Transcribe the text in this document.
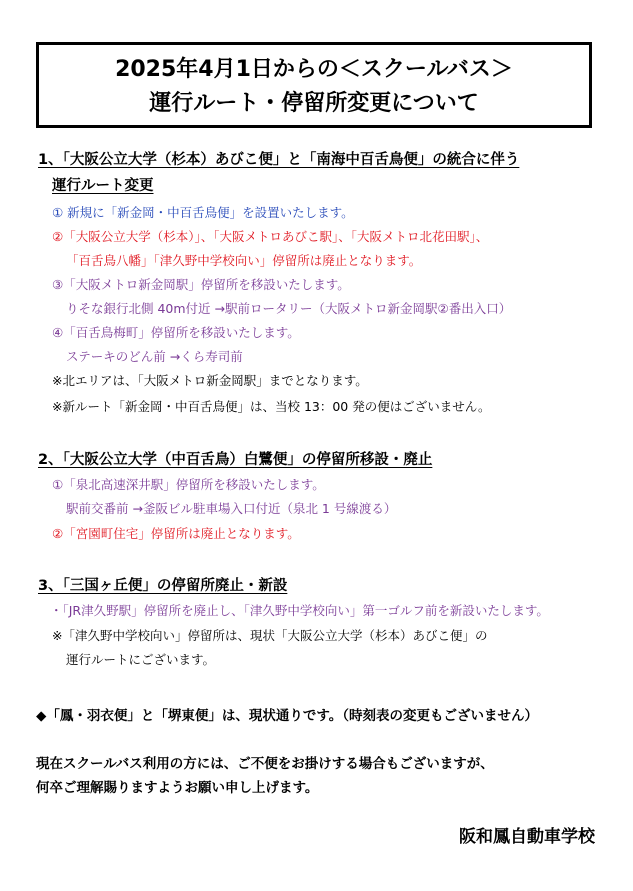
2025年4月1日からの＜スクールバス＞
運行ルート・停留所変更について
1、「大阪公立大学（杉本）あびこ便」と「南海中百舌鳥便」の統合に伴う
運行ルート変更
① 新規に「新金岡・中百舌鳥便」を設置いたします。
②「大阪公立大学（杉本）」、「大阪メトロあびこ駅」、「大阪メトロ北花田駅」、
「百舌鳥八幡」「津久野中学校向い」停留所は廃止となります。
③「大阪メトロ新金岡駅」停留所を移設いたします。
りそな銀行北側 40m付近 →駅前ロータリー（大阪メトロ新金岡駅②番出入口）
④「百舌鳥梅町」停留所を移設いたします。
ステーキのどん前 →くら寿司前
※北エリアは、「大阪メトロ新金岡駅」までとなります。
※新ルート「新金岡・中百舌鳥便」は、当校 13：00 発の便はございません。
2、「大阪公立大学（中百舌鳥）白鷺便」の停留所移設・廃止
①「泉北高速深井駅」停留所を移設いたします。
駅前交番前 →釜阪ビル駐車場入口付近（泉北 1 号線渡る）
②「宮園町住宅」停留所は廃止となります。
3、「三国ヶ丘便」の停留所廃止・新設
・「JR津久野駅」停留所を廃止し、「津久野中学校向い」第一ゴルフ前を新設いたします。
※「津久野中学校向い」停留所は、現状「大阪公立大学（杉本）あびこ便」の
運行ルートにございます。
◆「鳳・羽衣便」と「堺東便」は、現状通りです。（時刻表の変更もございません）
現在スクールバス利用の方には、ご不便をお掛けする場合もございますが、
何卒ご理解賜りますようお願い申し上げます。
阪和鳳自動車学校
